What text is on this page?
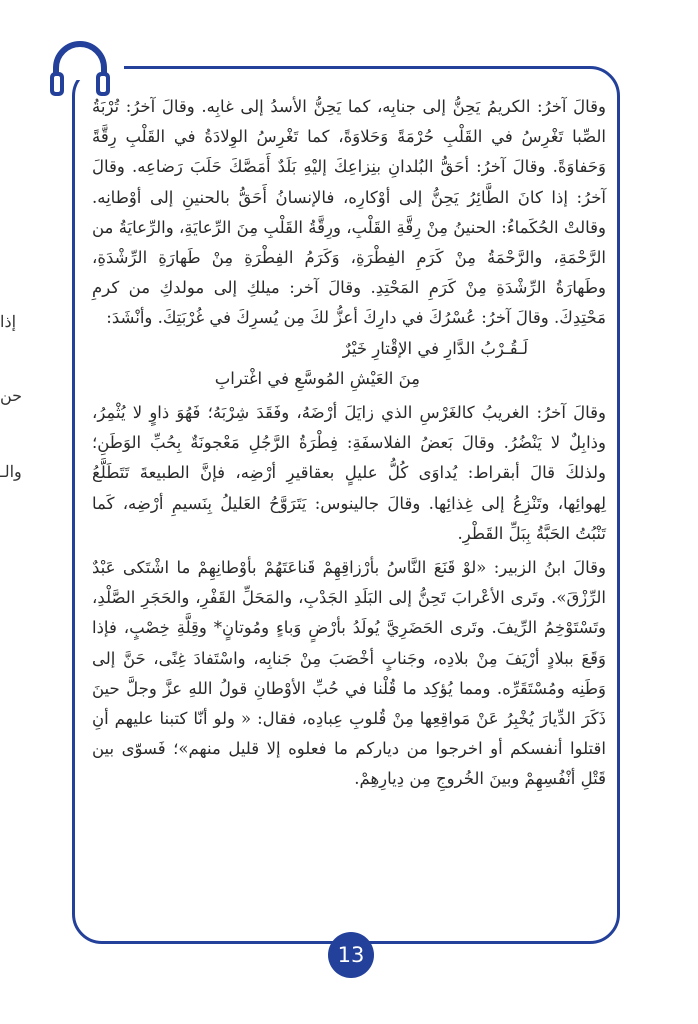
إذا
حن
والـ

وقالَ آخرُ: الكريمُ يَحِنُّ إلى جنابِه، كما يَحِنُّ الأسدُ إلى غابِه. وقالَ آخرُ: تُرْبَةُ الصِّبا تَغْرِسُ في القَلْبِ حُرْمَةً وَحَلاوَةً، كما تَغْرِسُ الوِلادَةُ في القَلْبِ رِقَّةً وَحَفاوَةً. وقالَ آخرُ: أحَقُّ البُلدانِ بنِزاعِكَ إليْهِ بَلَدٌ أَمَصَّكَ حَلَبَ رَضاعِه. وقالَ آخرُ: إذا كانَ الطَّائِرُ يَحِنُّ إلى أوْكارِه، فالإنسانُ أَحَقُّ بالحنينِ إلى أوْطانِه. وقالتْ الحُكَماءُ: الحنينُ مِنْ رِقَّةِ القَلْبِ، ورِقَّةُ القَلْبِ مِنَ الرِّعايَةِ، والرِّعايَةُ من الرَّحْمَةِ، والرَّحْمَةُ مِنْ كَرَمِ الفِطْرَةِ، وَكَرَمُ الفِطْرَةِ مِنْ طَهارَةِ الرِّشْدَةِ، وطَهارَةُ الرِّشْدَةِ مِنْ كَرَمِ المَحْتِدِ. وقالَ آخر: ميلكِ إلى مولدكِ من كرمِ مَحْتِدِكَ. وقالَ آخرُ: عُسْرُكَ في دارِكَ أعزُّ لكَ مِن يُسرِكَ في غُرْبَتِكَ. وأنْشَدَ:

لَـقُـرْبُ الدَّارِ في الإقْتارِ خَيْرٌ

مِنَ العَيْشِ المُوسَّعِ في اغْترابِ

وقالَ آخرُ: الغريبُ كالغَرْسِ الذي زايَلَ أرْضَهُ، وفَقَدَ شِرْبَهُ؛ فَهُوَ ذاوٍ لا يُثْمِرُ، وذابِلٌ لا يَنْضُرُ. وقالَ بَعضُ الفلاسفَةِ: فِطْرَةُ الرَّجُلِ مَعْجونَةٌ بِحُبِّ الوَطَنِ؛ ولذلكَ قالَ أبقراط: يُداوَى كُلُّ عليلٍ بعقاقيرِ أرْضِه، فإنَّ الطبيعةَ تَتَطَلَّعُ لِهوائِها، وتَنْزِعُ إلى غِذائِها. وقالَ جالينوس: يَتَرَوَّحُ العَليلُ بِنَسيمِ أرْضِه، كَما تَنْبُتُ الحَبَّةُ بِبَلِّ القَطْرِ.

وقالَ ابنُ الزبير: «لوْ قَنَعَ النَّاسُ بأرْزاقِهِمْ قَناعَتَهُمْ بأوْطانِهِمْ ما اشْتَكى عَبْدٌ الرِّزْقَ». وتَرى الأعْرابَ تَحِنُّ إلى البَلَدِ الجَدْبِ، والمَحَلِّ القَفْرِ، والحَجَرِ الصَّلْدِ، وتَسْتَوْخِمُ الرِّيفَ. وتَرى الحَضَرِيَّ يُولَدُ بأرْضٍ وَباءٍ ومُوتانٍ* وقِلَّةِ خِصْبٍ، فإذا وَقَعَ ببلادٍ أرْيَفَ مِنْ بلادِه، وجَنابٍ أخْصَبَ مِنْ جَنابِه، واسْتَفادَ غِنًى، حَنَّ إلى وَطَنِه ومُسْتَقَرِّه. ومما يُؤكِد ما قُلْنا في حُبِّ الأوْطانِ قولُ اللهِ عزَّ وجلَّ حينَ ذَكَرَ الدِّيارَ يُخْبِرُ عَنْ مَواقِعِها مِنْ قُلوبِ عِبادِه، فقال: « ولو أنّا كتبنا عليهم أنِ اقتلوا أنفسكم أو اخرجوا من دياركم ما فعلوه إلا قليل منهم»؛ فَسوّى بين قَتْلِ أنْفُسِهِمْ وبينَ الخُروجِ مِن دِيارِهِمْ.

13
